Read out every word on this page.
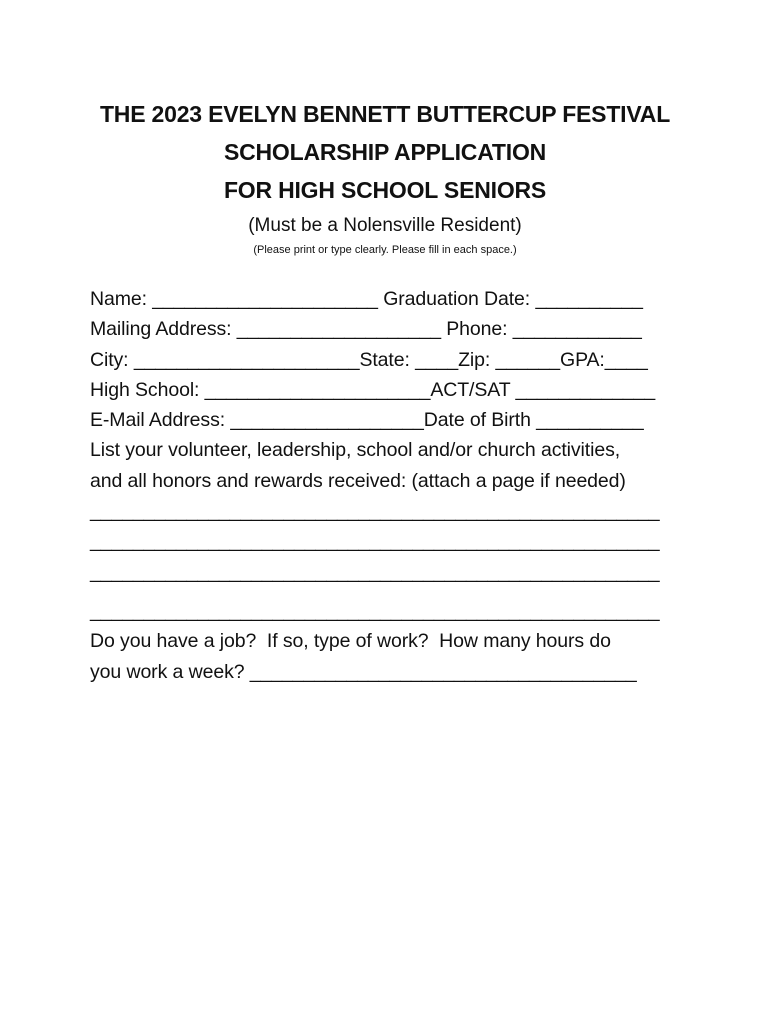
THE 2023 EVELYN BENNETT BUTTERCUP FESTIVAL
SCHOLARSHIP APPLICATION
FOR HIGH SCHOOL SENIORS
(Must be a Nolensville Resident)
(Please print or type clearly. Please fill in each space.)
Name: _____________________ Graduation Date: __________
Mailing Address: ___________________ Phone: ____________
City: _____________________State: ____Zip: ______GPA:____
High School: _____________________ACT/SAT _____________
E-Mail Address: __________________Date of Birth __________
List your volunteer, leadership, school and/or church activities,
and all honors and rewards received: (attach a page if needed)
_____________________________________________________
_____________________________________________________
_____________________________________________________
_____________________________________________________
Do you have a job?  If so, type of work?  How many hours do
you work a week? ____________________________________
